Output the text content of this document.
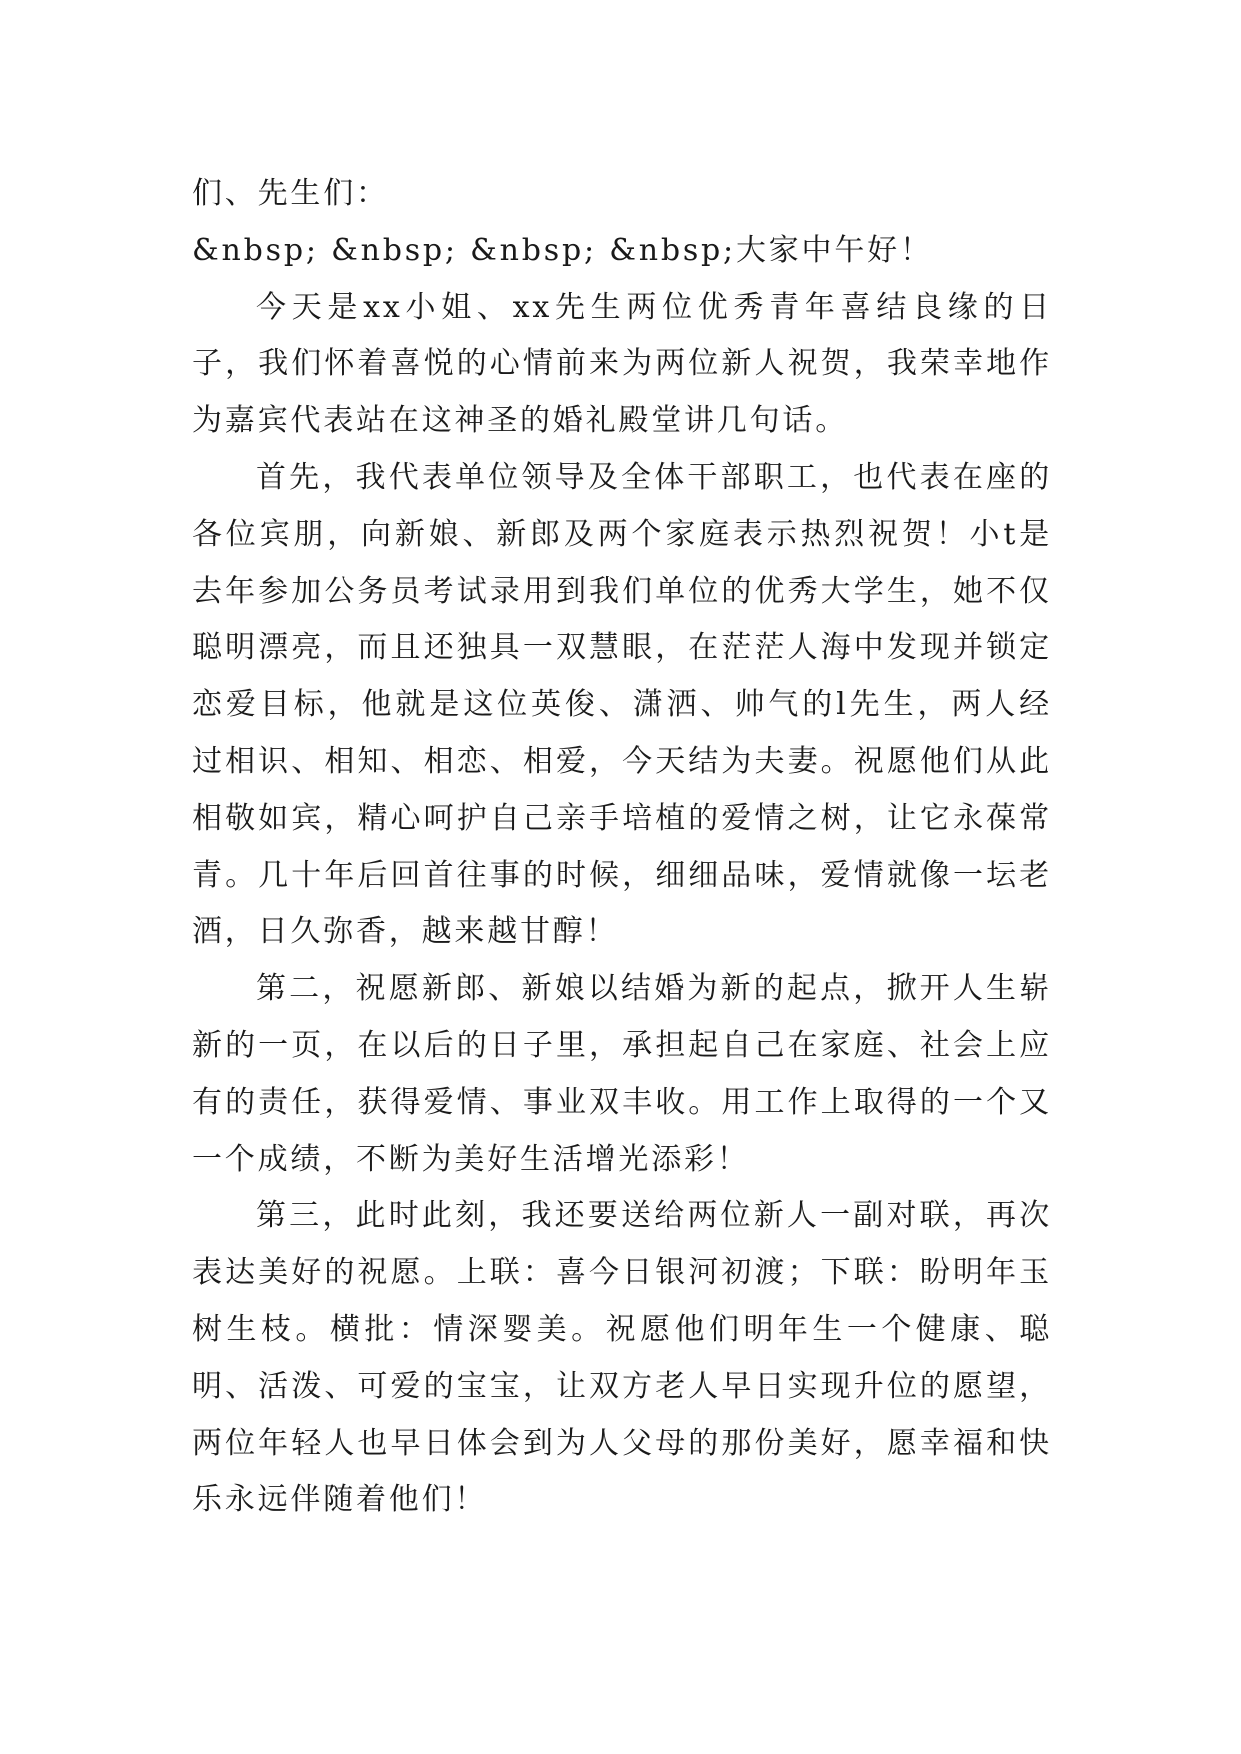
们、先生们：

&nbsp; &nbsp; &nbsp; &nbsp;大家中午好！

今天是xx小姐、xx先生两位优秀青年喜结良缘的日子，我们怀着喜悦的心情前来为两位新人祝贺，我荣幸地作为嘉宾代表站在这神圣的婚礼殿堂讲几句话。

首先，我代表单位领导及全体干部职工，也代表在座的各位宾朋，向新娘、新郎及两个家庭表示热烈祝贺！小t是去年参加公务员考试录用到我们单位的优秀大学生，她不仅聪明漂亮，而且还独具一双慧眼，在茫茫人海中发现并锁定恋爱目标，他就是这位英俊、潇洒、帅气的l先生，两人经过相识、相知、相恋、相爱，今天结为夫妻。祝愿他们从此相敬如宾，精心呵护自己亲手培植的爱情之树，让它永葆常青。几十年后回首往事的时候，细细品味，爱情就像一坛老酒，日久弥香，越来越甘醇！

第二，祝愿新郎、新娘以结婚为新的起点，掀开人生崭新的一页，在以后的日子里，承担起自己在家庭、社会上应有的责任，获得爱情、事业双丰收。用工作上取得的一个又一个成绩，不断为美好生活增光添彩！

第三，此时此刻，我还要送给两位新人一副对联，再次表达美好的祝愿。上联：喜今日银河初渡；下联：盼明年玉树生枝。横批：情深婴美。祝愿他们明年生一个健康、聪明、活泼、可爱的宝宝，让双方老人早日实现升位的愿望，两位年轻人也早日体会到为人父母的那份美好，愿幸福和快乐永远伴随着他们！
